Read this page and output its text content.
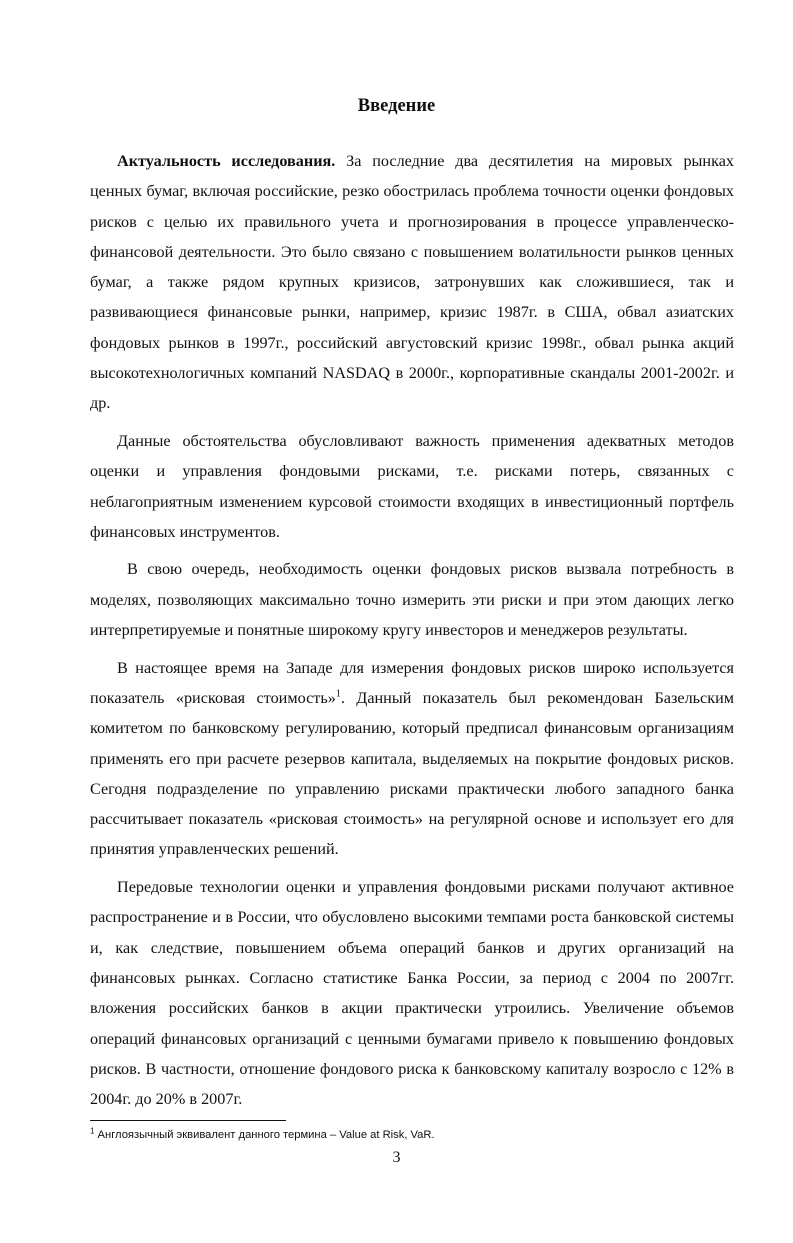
Введение

Актуальность исследования. За последние два десятилетия на мировых рынках ценных бумаг, включая российские, резко обострилась проблема точности оценки фондовых рисков с целью их правильного учета и прогнозирования в процессе управленческо-финансовой деятельности. Это было связано с повышением волатильности рынков ценных бумаг, а также рядом крупных кризисов, затронувших как сложившиеся, так и развивающиеся финансовые рынки, например, кризис 1987г. в США, обвал азиатских фондовых рынков в 1997г., российский августовский кризис 1998г., обвал рынка акций высокотехнологичных компаний NASDAQ в 2000г., корпоративные скандалы 2001-2002г. и др.

Данные обстоятельства обусловливают важность применения адекватных методов оценки и управления фондовыми рисками, т.е. рисками потерь, связанных с неблагоприятным изменением курсовой стоимости входящих в инвестиционный портфель финансовых инструментов.

В свою очередь, необходимость оценки фондовых рисков вызвала потребность в моделях, позволяющих максимально точно измерить эти риски и при этом дающих легко интерпретируемые и понятные широкому кругу инвесторов и менеджеров результаты.

В настоящее время на Западе для измерения фондовых рисков широко используется показатель «рисковая стоимость»$^1$. Данный показатель был рекомендован Базельским комитетом по банковскому регулированию, который предписал финансовым организациям применять его при расчете резервов капитала, выделяемых на покрытие фондовых рисков. Сегодня подразделение по управлению рисками практически любого западного банка рассчитывает показатель «рисковая стоимость» на регулярной основе и использует его для принятия управленческих решений.

Передовые технологии оценки и управления фондовыми рисками получают активное распространение и в России, что обусловлено высокими темпами роста банковской системы и, как следствие, повышением объема операций банков и других организаций на финансовых рынках. Согласно статистике Банка России, за период с 2004 по 2007гг. вложения российских банков в акции практически утроились. Увеличение объемов операций финансовых организаций с ценными бумагами привело к повышению фондовых рисков. В частности, отношение фондового риска к банковскому капиталу возросло с 12% в 2004г. до 20% в 2007г.

$^1$ Англоязычный эквивалент данного термина – Value at Risk, VaR.
3
